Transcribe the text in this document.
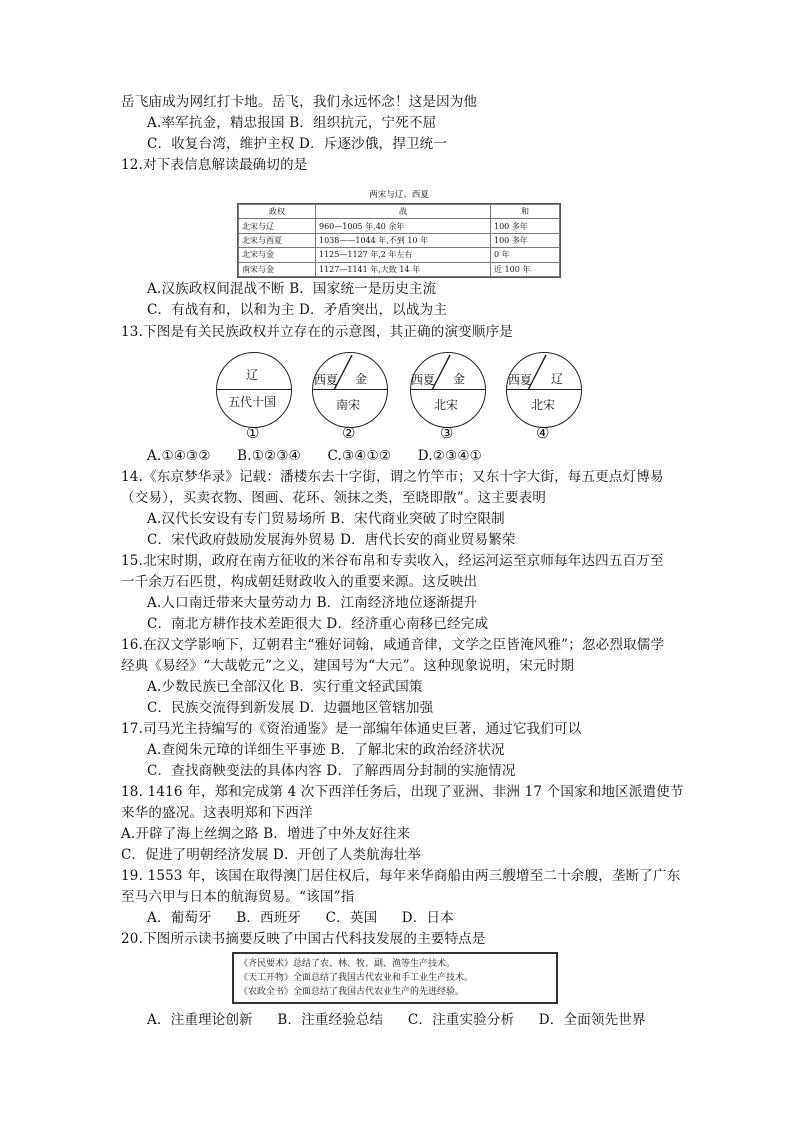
岳飞庙成为网红打卡地。岳飞，我们永远怀念！这是因为他
A.率军抗金，精忠报国 B．组织抗元，宁死不屈
C．收复台湾，维护主权 D．斥逐沙俄，捍卫统一
12.对下表信息解读最确切的是
两宋与辽、西夏
政权	战	和
北宋与辽	960—1005 年,40 余年	100 多年
北宋与西夏	1038——1044 年,不到 10 年	100 多年
北宋与金	1125—1127 年,2 年左右	0 年
南宋与金	1127—1141 年,大致 14 年	近 100 年
A.汉族政权间混战不断 B．国家统一是历史主流
C．有战有和，以和为主 D．矛盾突出，以战为主
13.下图是有关民族政权并立存在的示意图，其正确的演变顺序是
辽
五代十国
①
西夏 金
南宋
②
西夏 金
北宋
③
西夏 辽
北宋
④
A.①④③② B.①②③④ C.③④①② D.②③④①
14.《东京梦华录》记载：潘楼东去十字街，谓之竹竿市；又东十字大街，每五更点灯博易
（交易），买卖衣物、图画、花环、领抹之类，至晓即散”。这主要表明
A.汉代长安设有专门贸易场所 B．宋代商业突破了时空限制
C．宋代政府鼓励发展海外贸易 D．唐代长安的商业贸易繁荣
15.北宋时期，政府在南方征收的米谷布帛和专卖收入，经运河运至京师每年达四五百万至
一千余万石匹贯，构成朝廷财政收入的重要来源。这反映出
A.人口南迁带来大量劳动力 B．江南经济地位逐渐提升
C．南北方耕作技术差距很大 D．经济重心南移已经完成
16.在汉文学影响下，辽朝君主“雅好词翰，咸通音律，文学之臣皆淹风雅”；忽必烈取儒学
经典《易经》“大哉乾元”之义，建国号为“大元”。这种现象说明，宋元时期
A.少数民族已全部汉化 B．实行重文轻武国策
C．民族交流得到新发展 D．边疆地区管辖加强
17.司马光主持编写的《资治通鉴》是一部编年体通史巨著，通过它我们可以
A.查阅朱元璋的详细生平事迹 B．了解北宋的政治经济状况
C．查找商鞅变法的具体内容 D．了解西周分封制的实施情况
18. 1416 年，郑和完成第 4 次下西洋任务后，出现了亚洲、非洲 17 个国家和地区派遣使节
来华的盛况。这表明郑和下西洋
A.开辟了海上丝绸之路 B．增进了中外友好往来
C．促进了明朝经济发展 D．开创了人类航海壮举
19. 1553 年，该国在取得澳门居住权后，每年来华商船由两三艘增至二十余艘，垄断了广东
至马六甲与日本的航海贸易。“该国”指
A．葡萄牙 B．西班牙 C．英国 D．日本
20.下图所示读书摘要反映了中国古代科技发展的主要特点是
《齐民要术》总结了农、林、牧、副、渔等生产技术。
《天工开物》全面总结了我国古代农业和手工业生产技术。
《农政全书》全面总结了我国古代农业生产的先进经验。
A．注重理论创新 B．注重经验总结 C．注重实验分析 D．全面领先世界
